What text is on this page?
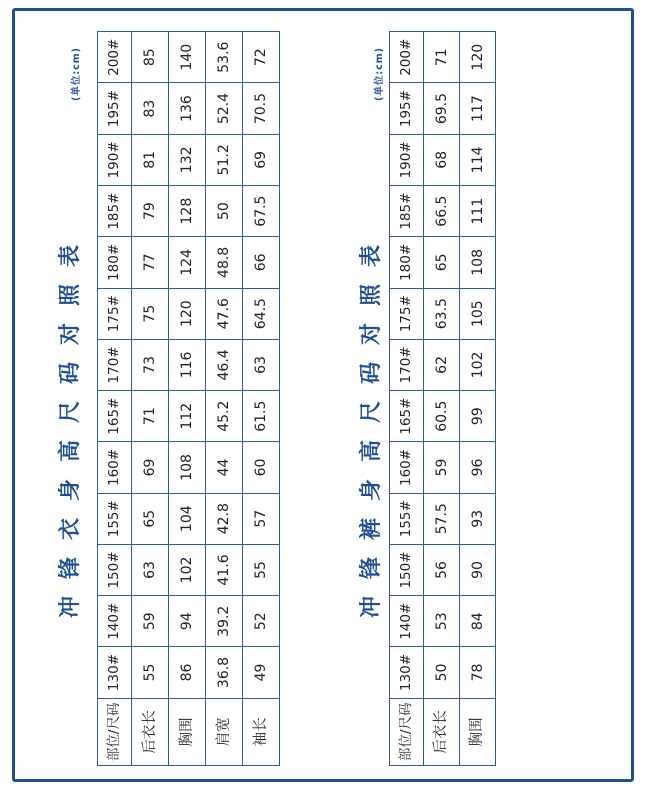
冲锋衣身高尺码对照表
(单位:cm)
部位/尺码	130#	140#	150#	155#	160#	165#	170#	175#	180#	185#	190#	195#	200#
后衣长	55	59	63	65	69	71	73	75	77	79	81	83	85
胸围	86	94	102	104	108	112	116	120	124	128	132	136	140
肩宽	36.8	39.2	41.6	42.8	44	45.2	46.4	47.6	48.8	50	51.2	52.4	53.6
袖长	49	52	55	57	60	61.5	63	64.5	66	67.5	69	70.5	72
冲锋裤身高尺码对照表
(单位:cm)
部位/尺码	130#	140#	150#	155#	160#	165#	170#	175#	180#	185#	190#	195#	200#
后衣长	50	53	56	57.5	59	60.5	62	63.5	65	66.5	68	69.5	71
胸围	78	84	90	93	96	99	102	105	108	111	114	117	120
